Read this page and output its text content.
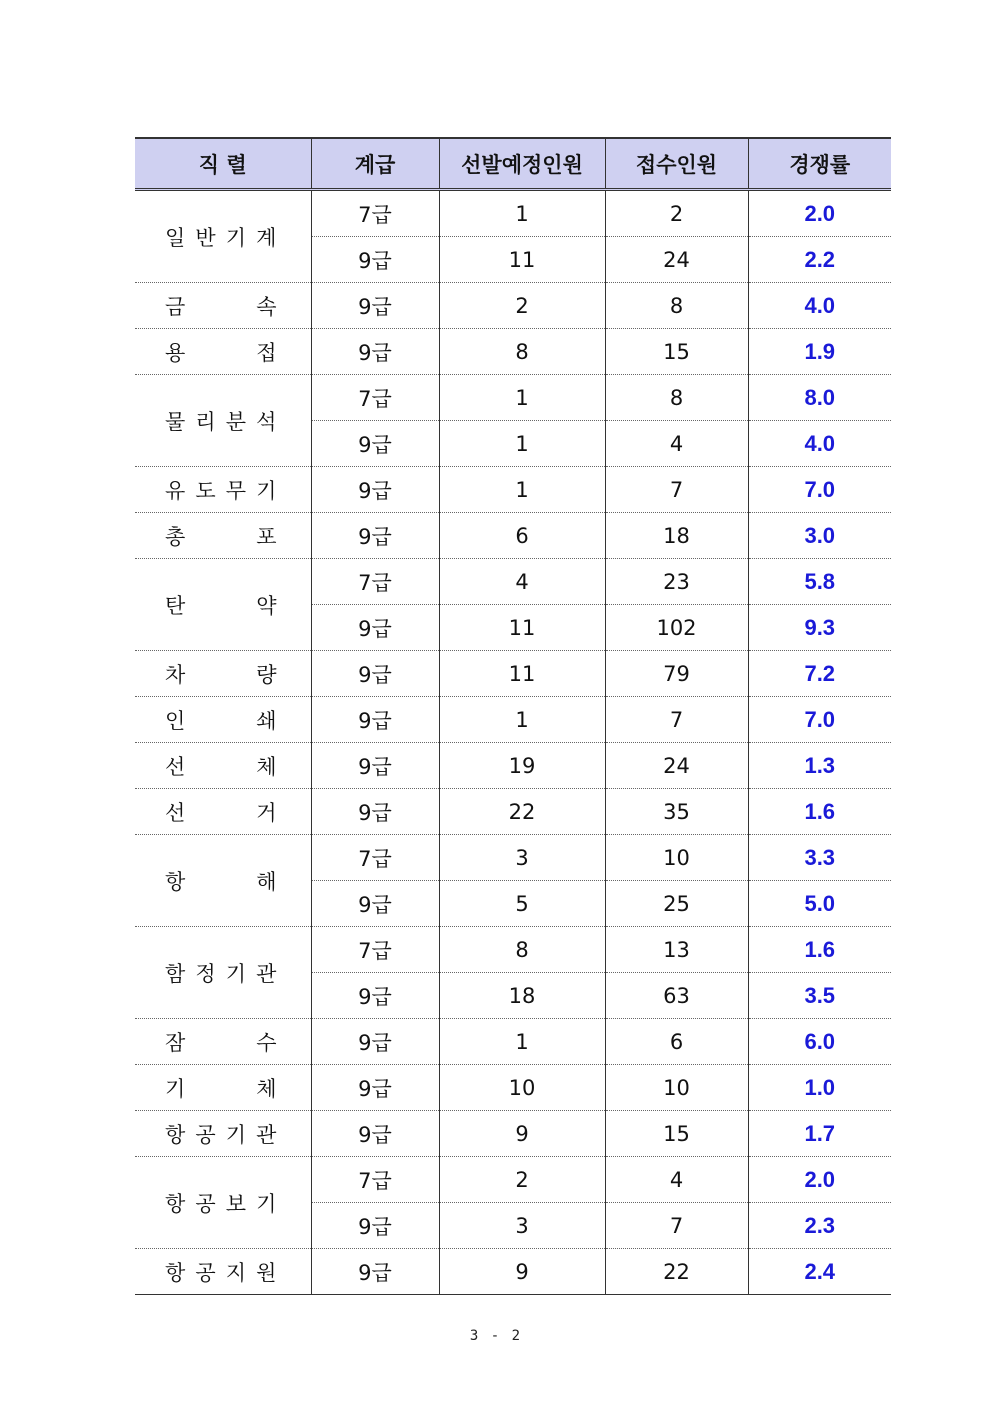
직 렬	계급	선발예정인원	접수인원	경쟁률

일 반 기 계	7급	1	2	2.0
	9급	11	24	2.2

금 속	9급	2	8	4.0

용 접	9급	8	15	1.9

물 리 분 석	7급	1	8	8.0
	9급	1	4	4.0

유 도 무 기	9급	1	7	7.0

총 포	9급	6	18	3.0

탄 약	7급	4	23	5.8
	9급	11	102	9.3

차 량	9급	11	79	7.2

인 쇄	9급	1	7	7.0

선 체	9급	19	24	1.3

선 거	9급	22	35	1.6

항 해	7급	3	10	3.3
	9급	5	25	5.0

함 정 기 관	7급	8	13	1.6
	9급	18	63	3.5

잠 수	9급	1	6	6.0

기 체	9급	10	10	1.0

항 공 기 관	9급	9	15	1.7

항 공 보 기	7급	2	4	2.0
	9급	3	7	2.3

항 공 지 원	9급	9	22	2.4
3 - 2
